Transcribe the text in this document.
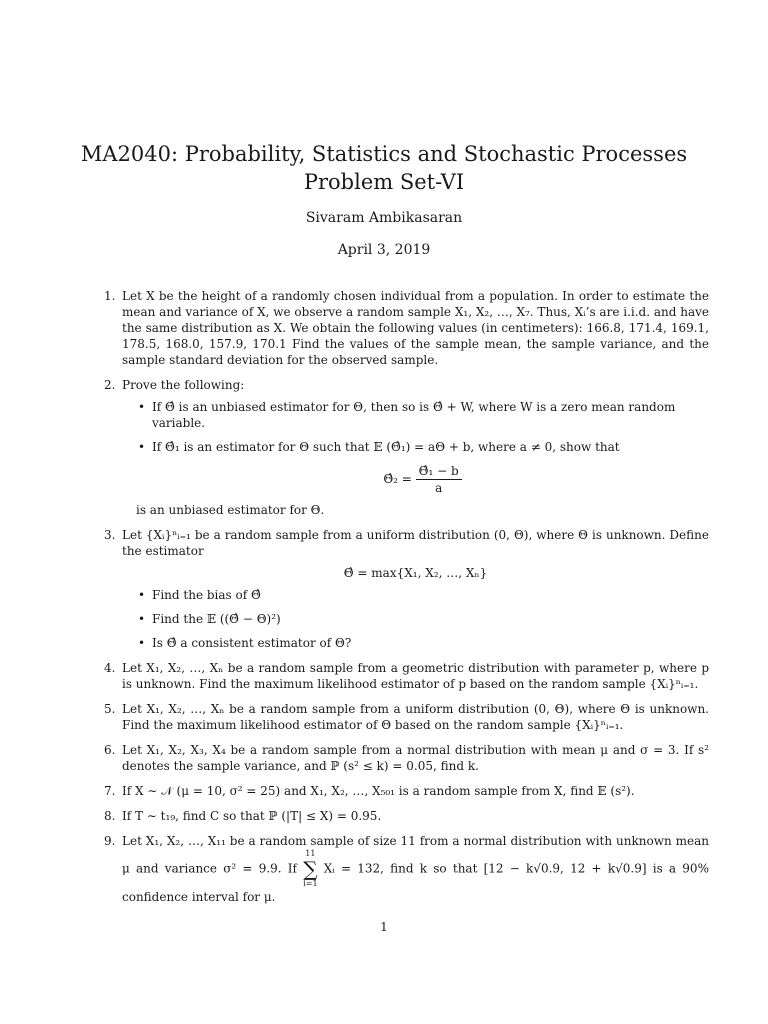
MA2040: Probability, Statistics and Stochastic Processes
Problem Set-VI
Sivaram Ambikasaran
April 3, 2019
1. Let X be the height of a randomly chosen individual from a population. In order to estimate the mean and variance of X, we observe a random sample X₁, X₂, …, X₇. Thus, Xᵢ’s are i.i.d. and have the same distribution as X. We obtain the following values (in centimeters): 166.8, 171.4, 169.1, 178.5, 168.0, 157.9, 170.1 Find the values of the sample mean, the sample variance, and the sample standard deviation for the observed sample.
2. Prove the following:
• If Θ̂ is an unbiased estimator for Θ, then so is Θ̂ + W, where W is a zero mean random variable.
• If Θ̂₁ is an estimator for Θ such that 𝔼 (Θ̂₁) = aΘ + b, where a ≠ 0, show that
Θ̂₂ = $\frac{\text{Θ̂₁ − b}}{a}$
is an unbiased estimator for Θ.
3. Let {Xᵢ}ⁿᵢ₌₁ be a random sample from a uniform distribution (0, Θ), where Θ is unknown. Define the estimator
Θ̂ = max{X₁, X₂, …, Xₙ}
• Find the bias of Θ̂
• Find the 𝔼 ((Θ̂ − Θ)²)
• Is Θ̂ a consistent estimator of Θ?
4. Let X₁, X₂, …, Xₙ be a random sample from a geometric distribution with parameter p, where p is unknown. Find the maximum likelihood estimator of p based on the random sample {Xᵢ}ⁿᵢ₌₁.
5. Let X₁, X₂, …, Xₙ be a random sample from a uniform distribution (0, Θ), where Θ is unknown. Find the maximum likelihood estimator of Θ based on the random sample {Xᵢ}ⁿᵢ₌₁.
6. Let X₁, X₂, X₃, X₄ be a random sample from a normal distribution with mean μ and σ = 3. If s² denotes the sample variance, and ℙ (s² ≤ k) = 0.05, find k.
7. If X ∼ 𝒩 (μ = 10, σ² = 25) and X₁, X₂, …, X₅₀₁ is a random sample from X, find 𝔼 (s²).
8. If T ∼ t₁₉, find C so that ℙ (|T| ≤ X) = 0.95.
9. Let X₁, X₂, …, X₁₁ be a random sample of size 11 from a normal distribution with unknown mean μ and variance σ² = 9.9. If
11
∑
i=1
Xᵢ = 132, find k so that [12 − k√0.9, 12 + k√0.9] is a 90% confidence interval for μ.
1
